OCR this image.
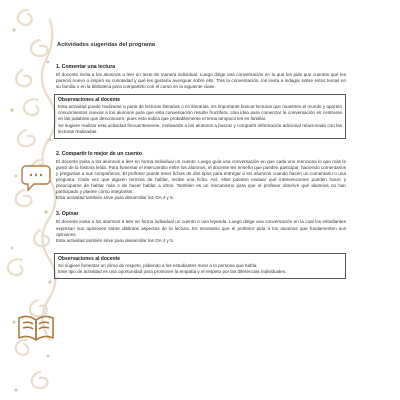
Actividades sugeridas del programa
1. Comentar una lectura

El docente invita a los alumnos a leer un texto de manera individual. Luego dirige una conversación en la que les pide que cuenten qué les pareció nuevo o inspiró su curiosidad y qué les gustaría averiguar sobre ello. Tras la conversación, los invita a indagar sobre estos temas en su familia o en la biblioteca para compartirlo con el curso en la siguiente clase.

Observaciones al docente

Esta actividad puede realizarse a partir de lecturas literarias o no literarias. Es importante buscar lecturas que muestren el mundo y aporten conocimientos nuevos a los alumnos para que esta conversación resulte fructífera. Una idea para comenzar la conversación es centrarse en las palabras que desconocen, pues esto indica que probablemente el tema tampoco les es familiar.

Se sugiere realizar esta actividad frecuentemente, motivando a los alumnos a buscar y compartir información adicional relacionada con las lecturas realizadas.

2. Compartir lo mejor de un cuento

El docente invita a los alumnos a leer en forma individual un cuento. Luego guía una conversación en que cada uno menciona lo que más le gustó de la historia leída. Para fomentar el intercambio entre los alumnos, el docente les enseña que pueden participar, haciendo comentarios y preguntas a sus compañeros. El profesor puede tener fichas de dos tipos para entregar a los alumnos cuando hacen un comentario o una pregunta. Cada vez que alguien termina de hablar, recibe una ficha. Así, ellos pueden evaluar qué intervenciones pueden hacer y preocuparse de hablar más o de hacer hablar a otros. También es un mecanismo para que el profesor observe qué alumnos no han participado y planee cómo integrarlos.

Esta actividad también sirve para desarrollar los OA 4 y 5.

3. Opinar

El docente invita a los alumnos a leer en forma individual un cuento o una leyenda. Luego dirige una conversación en la cual los estudiantes expresan sus opiniones sobre distintos aspectos de la lectura. Es necesario que el profesor pida a los alumnos que fundamenten sus opiniones.

Esta actividad también sirve para desarrollar los OA 4 y 5.

Observaciones al docente

Se sugiere fomentar un clima de respeto, pidiendo a los estudiantes mirar a la persona que habla.

Este tipo de actividad es una oportunidad para promover la empatía y el respeto por las diferencias individuales.
